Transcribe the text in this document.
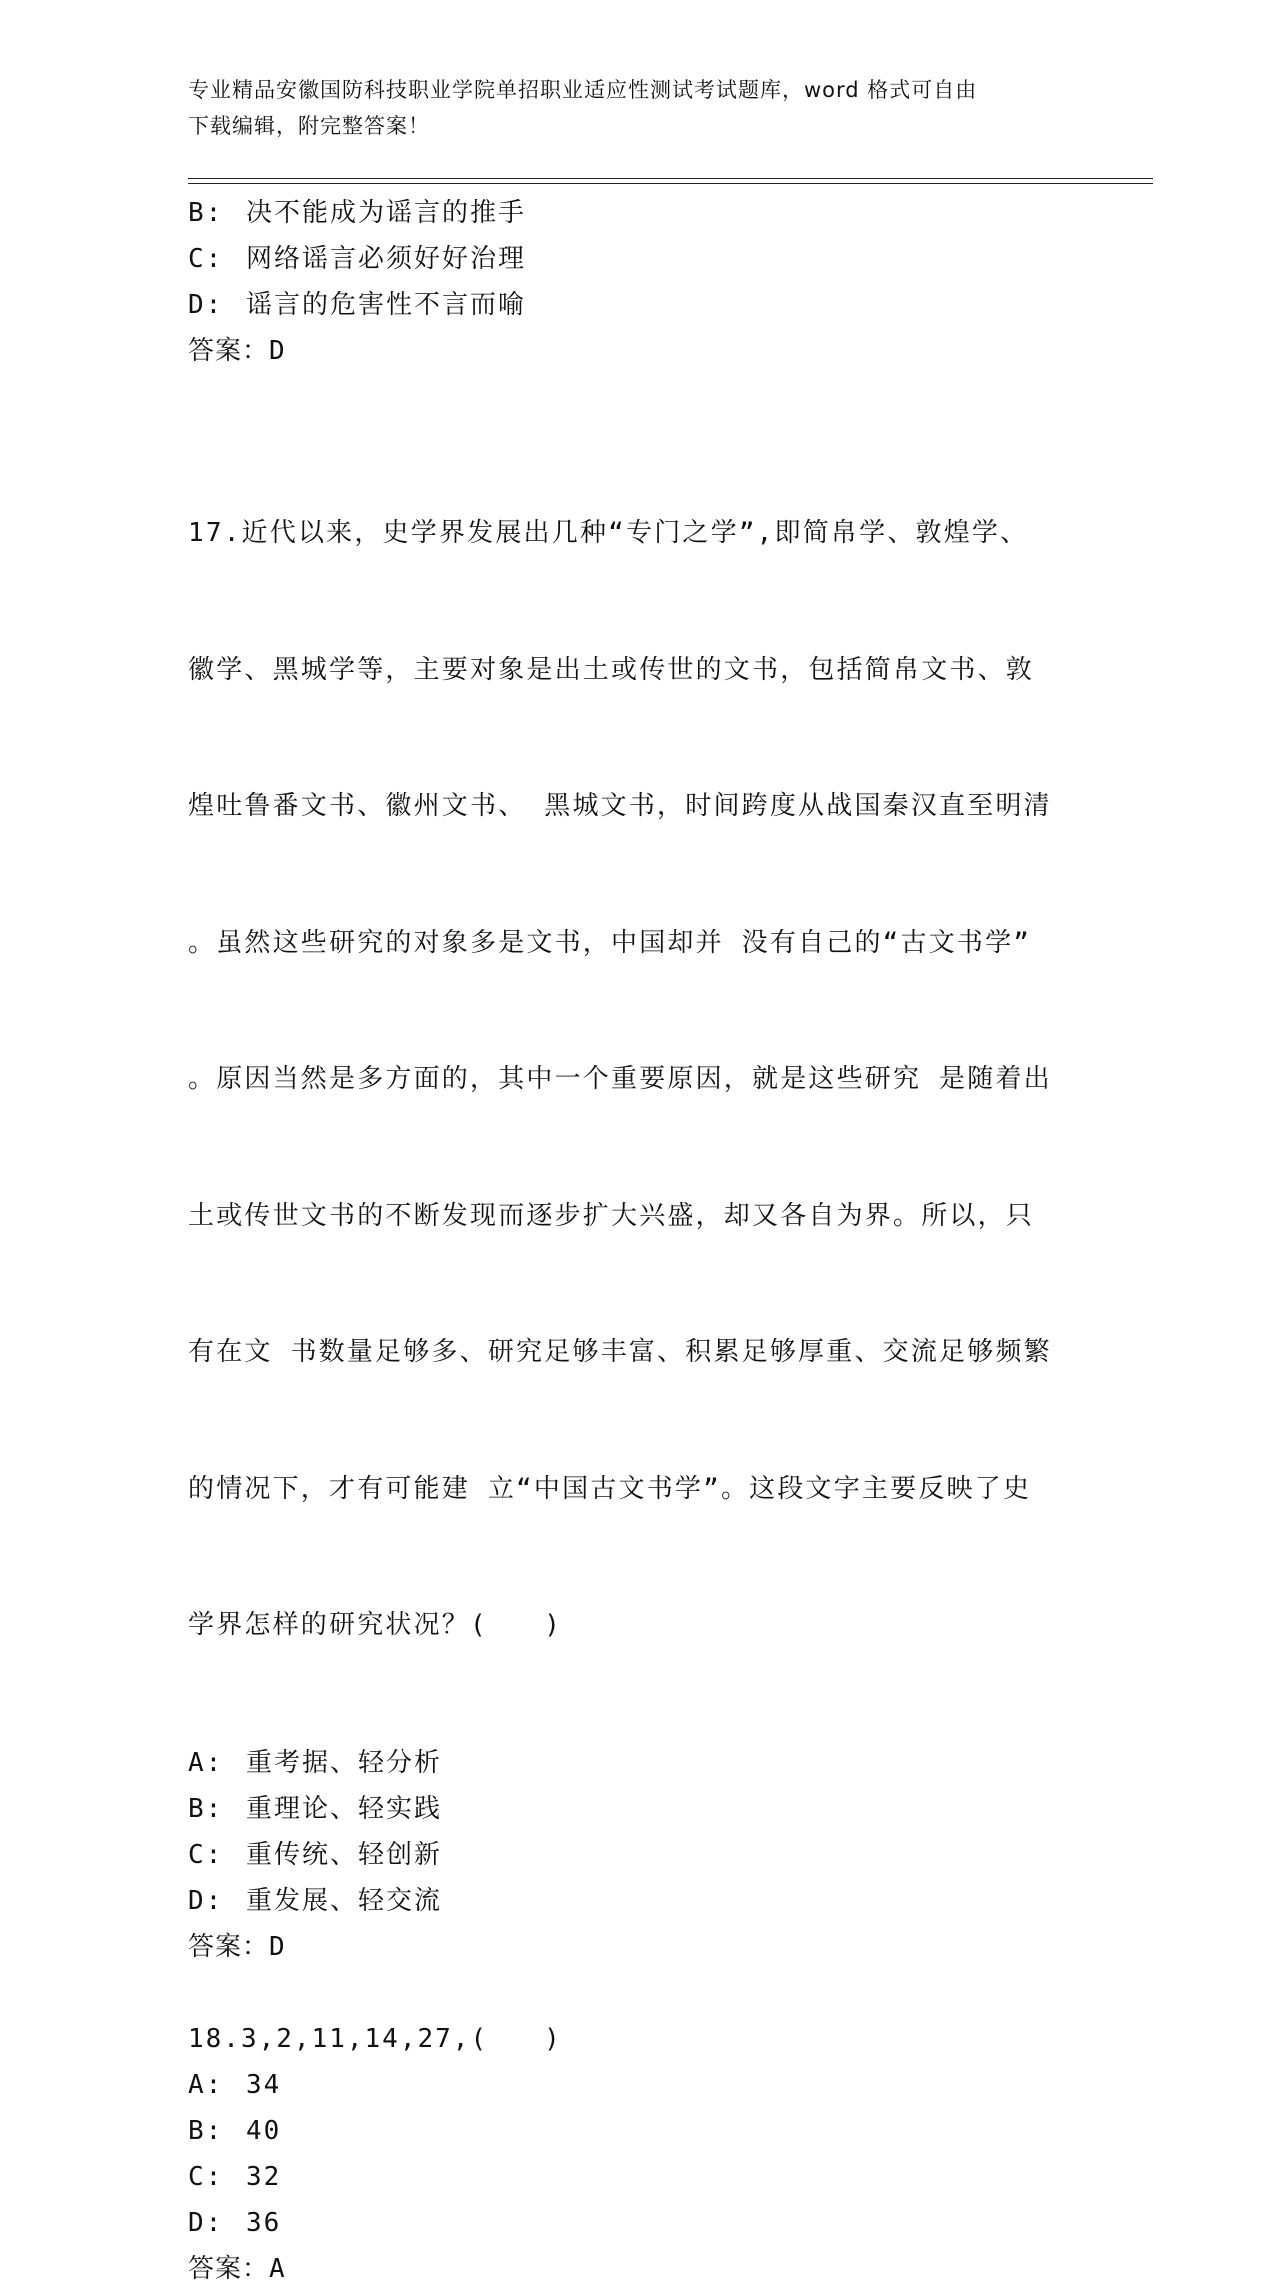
专业精品安徽国防科技职业学院单招职业适应性测试考试题库，word 格式可自由
下载编辑，附完整答案！
B: 决不能成为谣言的推手
C: 网络谣言必须好好治理
D: 谣言的危害性不言而喻
答案：D

17.近代以来，史学界发展出几种“专门之学”,即简帛学、敦煌学、

徽学、黑城学等，主要对象是出土或传世的文书，包括简帛文书、敦

煌吐鲁番文书、徽州文书、 黑城文书，时间跨度从战国秦汉直至明清

。虽然这些研究的对象多是文书，中国却并 没有自己的“古文书学”

。原因当然是多方面的，其中一个重要原因，就是这些研究 是随着出

土或传世文书的不断发现而逐步扩大兴盛，却又各自为界。所以，只

有在文 书数量足够多、研究足够丰富、积累足够厚重、交流足够频繁

的情况下，才有可能建 立“中国古文书学”。这段文字主要反映了史

学界怎样的研究状况？(　　)

A: 重考据、轻分析
B: 重理论、轻实践
C: 重传统、轻创新
D: 重发展、轻交流
答案：D
18.3,2,11,14,27,(　　)
A: 34
B: 40
C: 32
D: 36
答案：A
